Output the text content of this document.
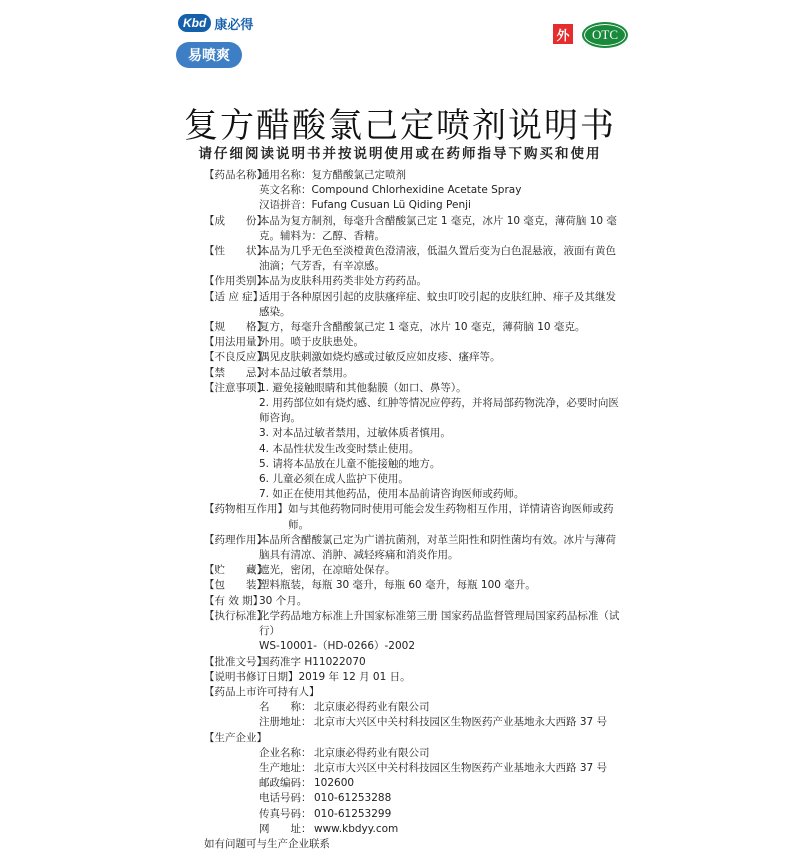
Kbd 康必得
易喷爽
外	OTC
复方醋酸氯己定喷剂说明书
请仔细阅读说明书并按说明使用或在药师指导下购买和使用
【药品名称】
通用名称：复方醋酸氯己定喷剂
英文名称：Compound Chlorhexidine Acetate Spray
汉语拼音：Fufang Cusuan Lü Qiding Penji
【成　　份】
本品为复方制剂，每毫升含醋酸氯己定 1 毫克，冰片 10 毫克，薄荷脑 10 毫克。辅料为：乙醇、香精。
【性　　状】
本品为几乎无色至淡橙黄色澄清液，低温久置后变为白色混悬液，液面有黄色油滴；气芳香，有辛凉感。
【作用类别】
本品为皮肤科用药类非处方药药品。
【适 应 症】
适用于各种原因引起的皮肤瘙痒症、蚊虫叮咬引起的皮肤红肿、痱子及其继发感染。
【规　　格】
复方，每毫升含醋酸氯己定 1 毫克，冰片 10 毫克，薄荷脑 10 毫克。
【用法用量】
外用。喷于皮肤患处。
【不良反应】
偶见皮肤刺激如烧灼感或过敏反应如皮疹、瘙痒等。
【禁　　忌】
对本品过敏者禁用。
【注意事项】
1. 避免接触眼睛和其他黏膜（如口、鼻等）。
2. 用药部位如有烧灼感、红肿等情况应停药，并将局部药物洗净，必要时向医师咨询。
3. 对本品过敏者禁用，过敏体质者慎用。
4. 本品性状发生改变时禁止使用。
5. 请将本品放在儿童不能接触的地方。
6. 儿童必须在成人监护下使用。
7. 如正在使用其他药品，使用本品前请咨询医师或药师。
【药物相互作用】 如与其他药物同时使用可能会发生药物相互作用，详情请咨询医师或药师。
【药理作用】
本品所含醋酸氯己定为广谱抗菌剂，对革兰阳性和阴性菌均有效。冰片与薄荷脑具有清凉、消肿、减轻疼痛和消炎作用。
【贮　　藏】
遮光，密闭，在凉暗处保存。
【包　　装】
塑料瓶装，每瓶 30 毫升，每瓶 60 毫升，每瓶 100 毫升。
【有 效 期】
30 个月。
【执行标准】
化学药品地方标准上升国家标准第三册 国家药品监督管理局国家药品标准（试行）
WS-10001-（HD-0266）-2002
【批准文号】
国药准字 H11022070
【说明书修订日期】 2019 年 12 月 01 日。
【药品上市许可持有人】
名　　称： 北京康必得药业有限公司
注册地址： 北京市大兴区中关村科技园区生物医药产业基地永大西路 37 号
【生产企业】
企业名称： 北京康必得药业有限公司
生产地址： 北京市大兴区中关村科技园区生物医药产业基地永大西路 37 号
邮政编码： 102600
电话号码： 010-61253288
传真号码： 010-61253299
网　　址： www.kbdyy.com
如有问题可与生产企业联系
